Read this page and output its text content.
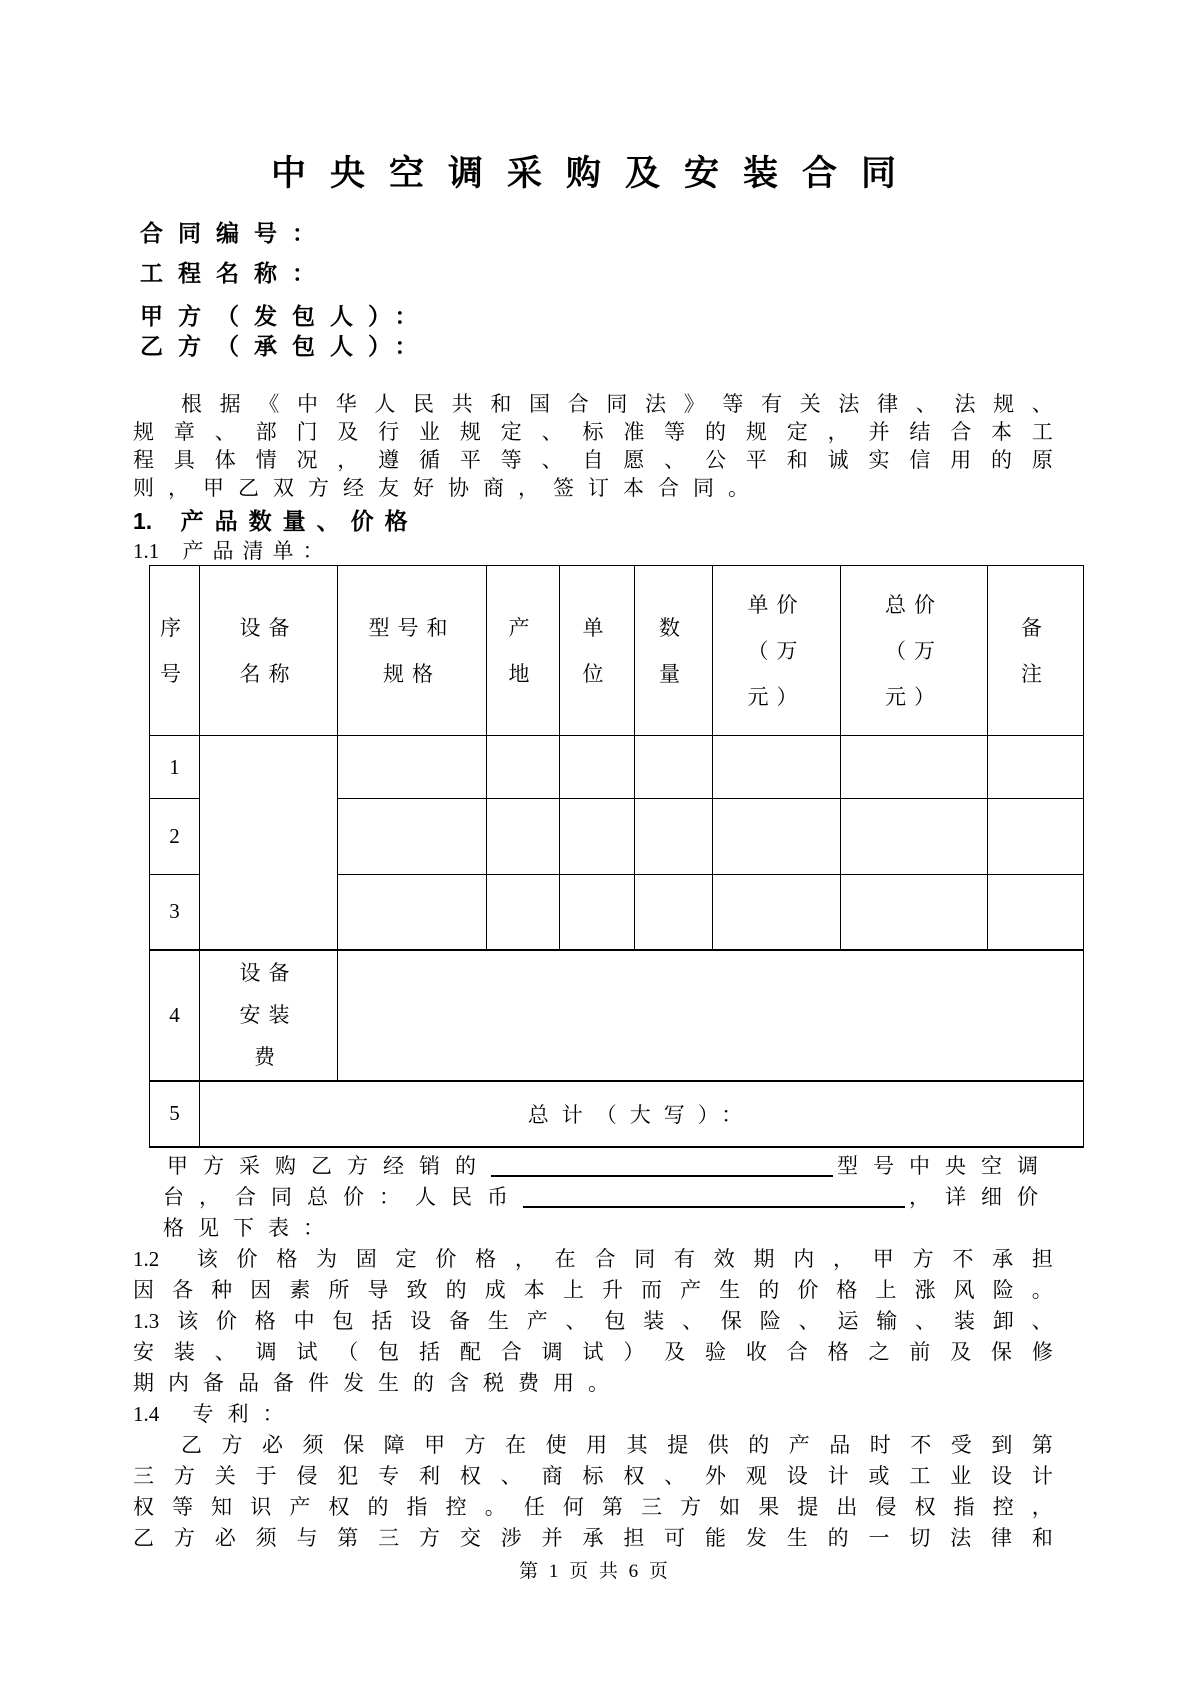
中央空调采购及安装合同
合 同 编 号 ：
工 程 名 称 ：
甲 方 （ 发 包 人 ） ：
乙 方 （ 承 包 人 ） ：
根 据 《 中 华 人 民 共 和 国 合 同 法 》 等 有 关 法 律 、 法 规 、
规 章 、 部 门 及 行 业 规 定 、 标 准 等 的 规 定 ， 并 结 合 本 工
程 具 体 情 况 ， 遵 循 平 等 、 自 愿 、 公 平 和 诚 实 信 用 的 原
则 ， 甲 乙 双 方 经 友 好 协 商 ， 签 订 本 合 同 。
1. 产 品 数 量 、 价 格
1.1 产 品 清 单 ：
序号	设备名称	型号和规格	产地	单位	数量	单价（万元）	总价（万元）	备注

1								
2								
3								
4	设备安装费							

5	总计（大写）：							
甲 方 采 购 乙 方 经 销 的	型 号 中 央 空 调
台 ， 合 同 总 价 ： 人 民 币	， 详 细 价
格 见 下 表 ：
1.2 该 价 格 为 固 定 价 格 ， 在 合 同 有 效 期 内 ， 甲 方 不 承 担
因 各 种 因 素 所 导 致 的 成 本 上 升 而 产 生 的 价 格 上 涨 风 险 。
1.3 该 价 格 中 包 括 设 备 生 产 、 包 装 、 保 险 、 运 输 、 装 卸 、
安 装 、 调 试 （ 包 括 配 合 调 试 ） 及 验 收 合 格 之 前 及 保 修
期 内 备 品 备 件 发 生 的 含 税 费 用 。
1.4 专 利 ：
乙 方 必 须 保 障 甲 方 在 使 用 其 提 供 的 产 品 时 不 受 到 第
三 方 关 于 侵 犯 专 利 权 、 商 标 权 、 外 观 设 计 或 工 业 设 计
权 等 知 识 产 权 的 指 控 。 任 何 第 三 方 如 果 提 出 侵 权 指 控 ，
乙 方 必 须 与 第 三 方 交 涉 并 承 担 可 能 发 生 的 一 切 法 律 和
第 1 页 共 6 页
